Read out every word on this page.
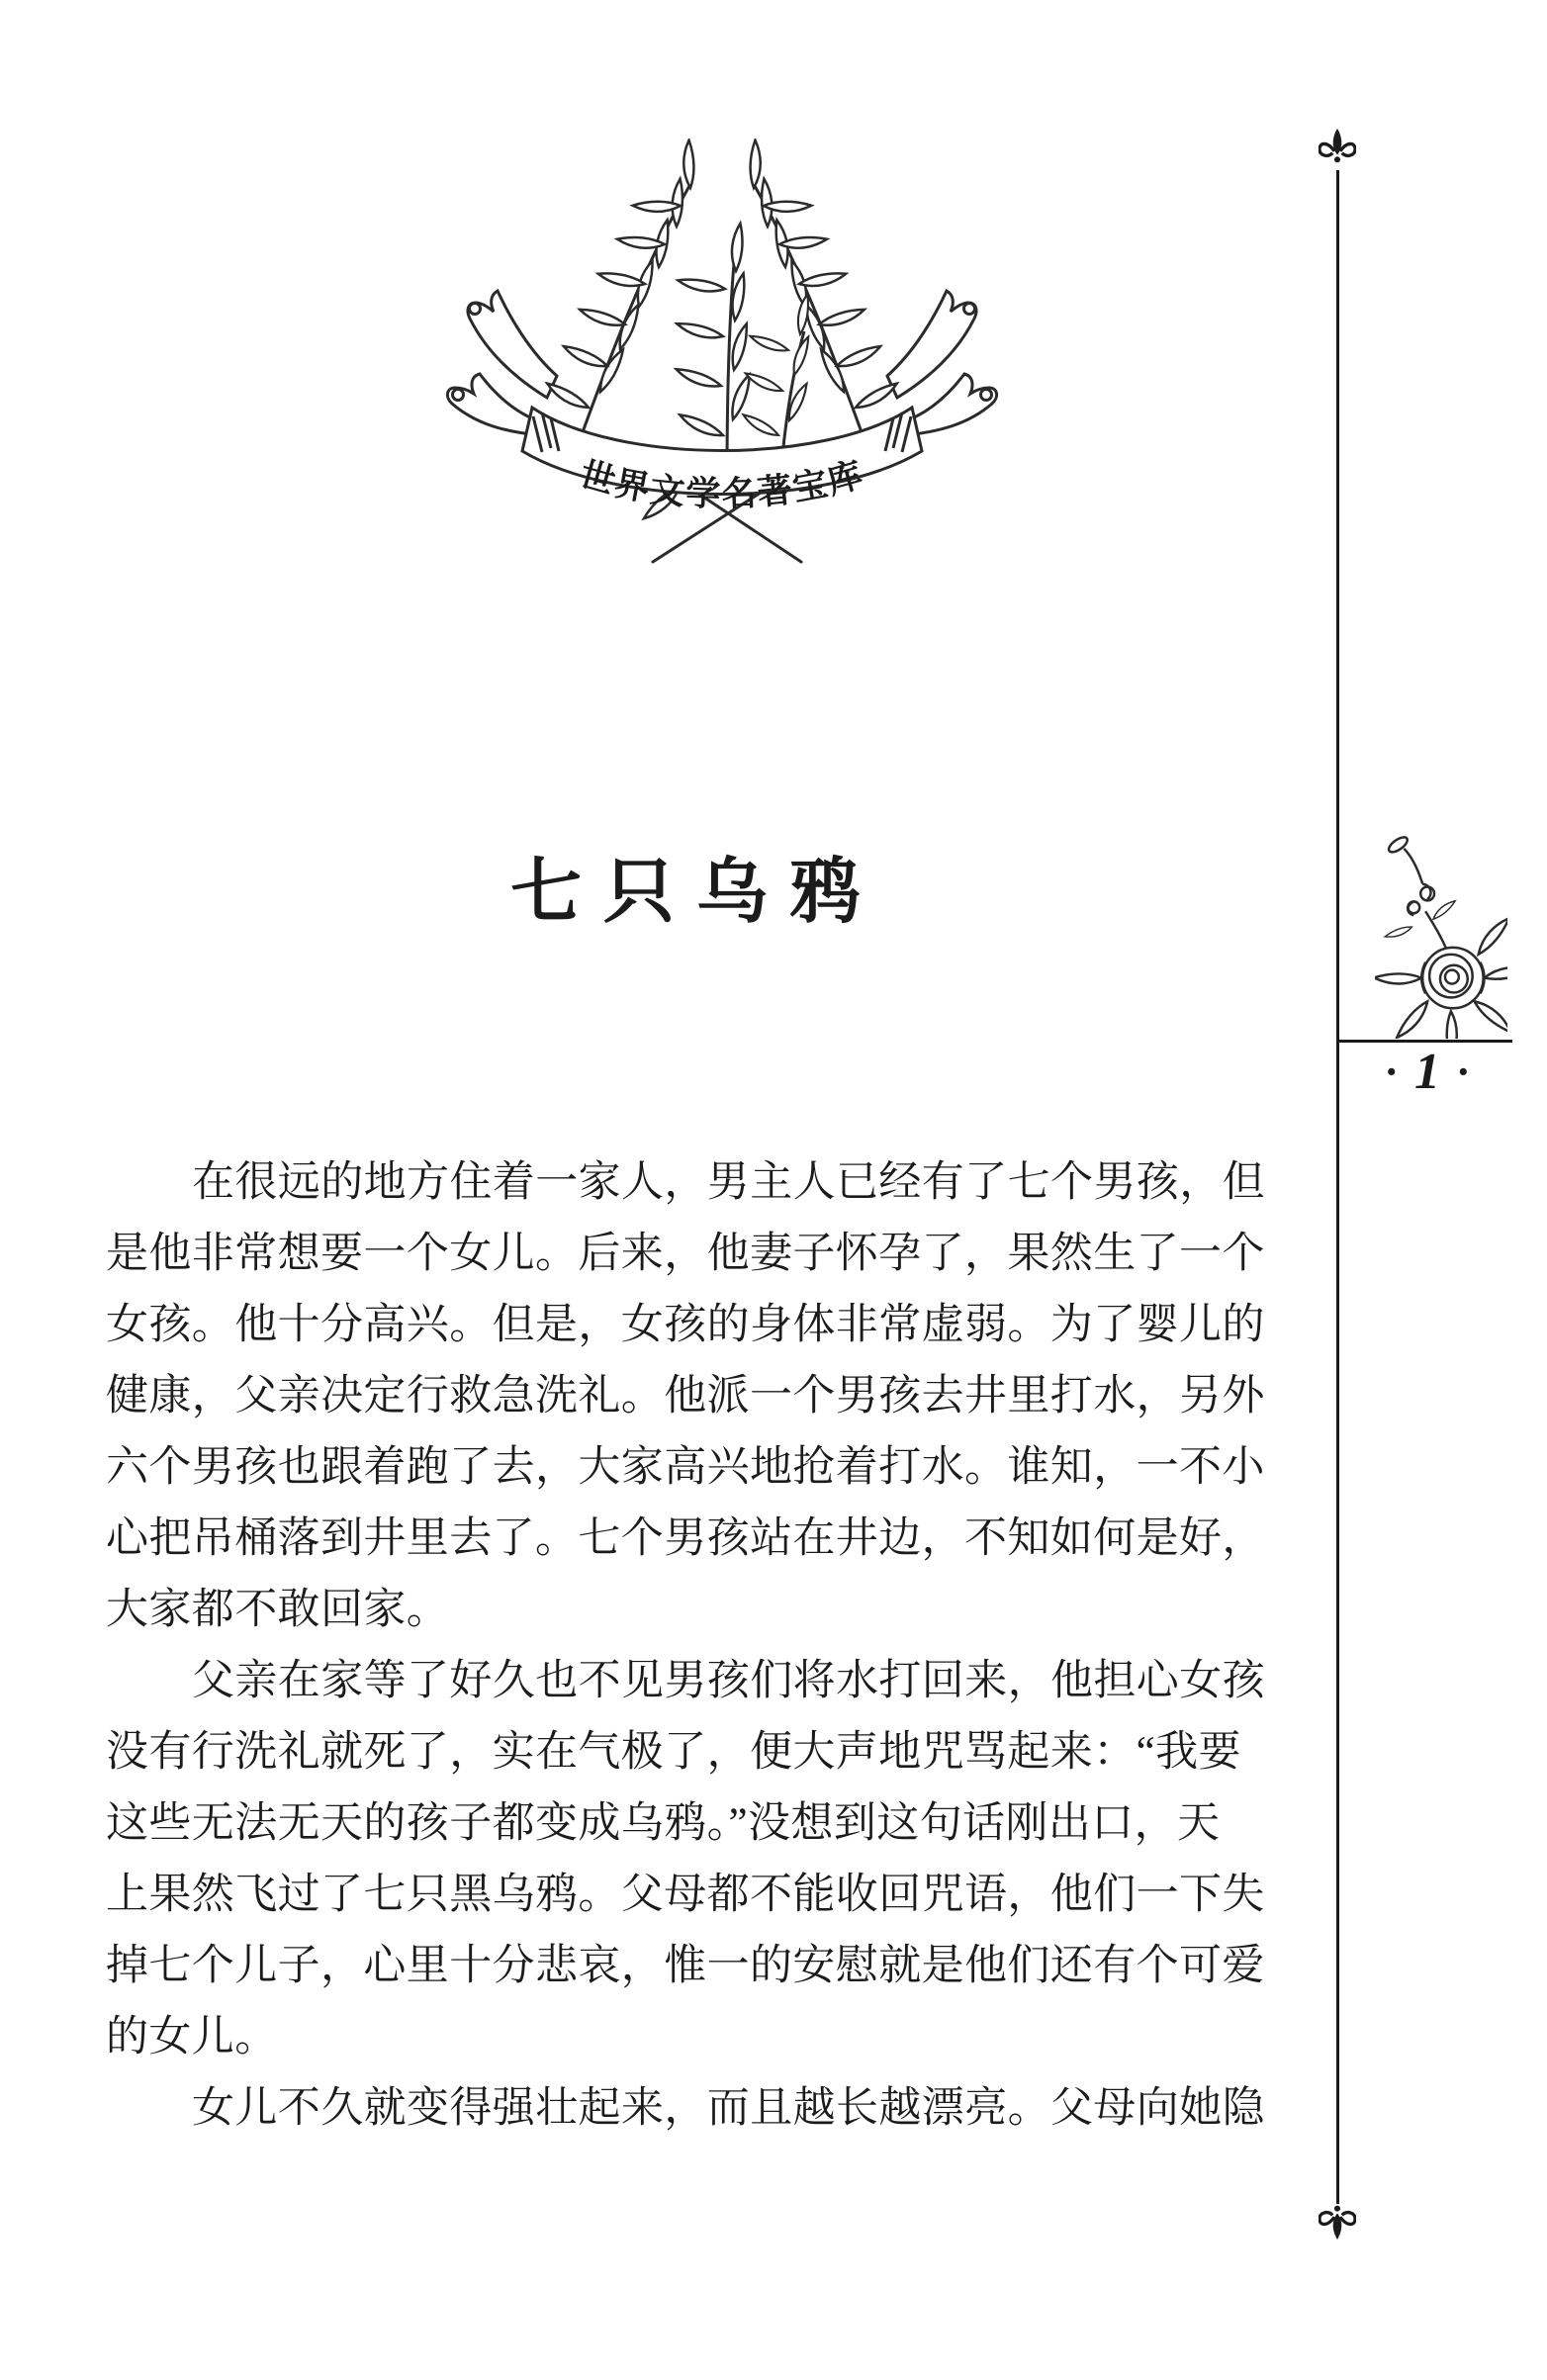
世界文学名著宝库
七只乌鸦
· 1 ·
在很远的地方住着一家人，男主人已经有了七个男孩，但
是他非常想要一个女儿。后来，他妻子怀孕了，果然生了一个
女孩。他十分高兴。但是，女孩的身体非常虚弱。为了婴儿的
健康，父亲决定行救急洗礼。他派一个男孩去井里打水，另外
六个男孩也跟着跑了去，大家高兴地抢着打水。谁知，一不小
心把吊桶落到井里去了。七个男孩站在井边，不知如何是好，
大家都不敢回家。
父亲在家等了好久也不见男孩们将水打回来，他担心女孩
没有行洗礼就死了，实在气极了，便大声地咒骂起来：“我要
这些无法无天的孩子都变成乌鸦。”没想到这句话刚出口，天
上果然飞过了七只黑乌鸦。父母都不能收回咒语，他们一下失
掉七个儿子，心里十分悲哀，惟一的安慰就是他们还有个可爱
的女儿。
女儿不久就变得强壮起来，而且越长越漂亮。父母向她隐
